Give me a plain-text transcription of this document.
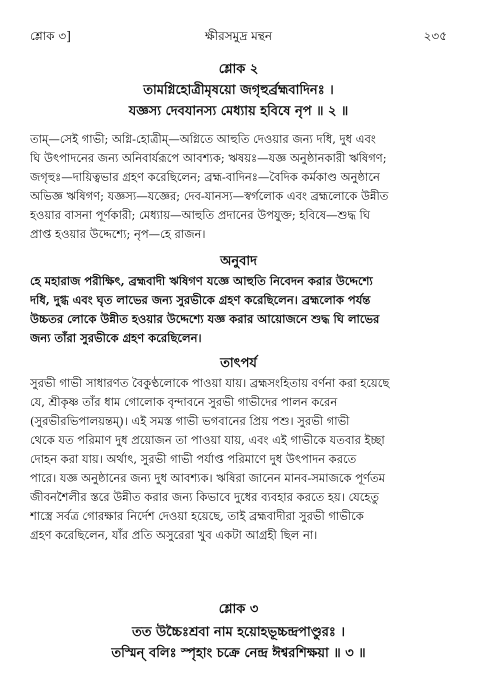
শ্লোক ৩]	ক্ষীরসমুদ্র মন্থন	২৩৫
শ্লোক ২
তামগ্নিহোত্রীমৃষয়ো জগৃহুর্ব্রহ্মবাদিনঃ ।
যজ্ঞস্য দেবযানস্য মেধ্যায় হবিষে নৃপ ॥ ২ ॥
তাম্—সেই গাভী; অগ্নি-হোত্রীম্—অগ্নিতে আহুতি দেওয়ার জন্য দধি, দুধ এবং
ঘি উৎপাদনের জন্য অনিবার্যরূপে আবশ্যক; ঋষয়ঃ—যজ্ঞ অনুষ্ঠানকারী ঋষিগণ;
জগৃহুঃ—দায়িত্বভার গ্রহণ করেছিলেন; ব্রহ্ম-বাদিনঃ—বৈদিক কর্মকাণ্ড অনুষ্ঠানে
অভিজ্ঞ ঋষিগণ; যজ্ঞস্য—যজ্ঞের; দেব-যানস্য—স্বর্গলোক এবং ব্রহ্মলোকে উন্নীত
হওয়ার বাসনা পূর্ণকারী; মেধ্যায়—আহুতি প্রদানের উপযুক্ত; হবিষে—শুদ্ধ ঘি
প্রাপ্ত হওয়ার উদ্দেশ্যে; নৃপ—হে রাজন।
অনুবাদ
হে মহারাজ পরীক্ষিৎ, ব্রহ্মবাদী ঋষিগণ যজ্ঞে আহুতি নিবেদন করার উদ্দেশ্যে
দধি, দুগ্ধ এবং ঘৃত লাভের জন্য সুরভীকে গ্রহণ করেছিলেন। ব্রহ্মলোক পর্যন্ত
উচ্চতর লোকে উন্নীত হওয়ার উদ্দেশ্যে যজ্ঞ করার আয়োজনে শুদ্ধ ঘি লাভের
জন্য তাঁরা সুরভীকে গ্রহণ করেছিলেন।
তাৎপর্য
সুরভী গাভী সাধারণত বৈকুণ্ঠলোকে পাওয়া যায়। ব্রহ্মসংহিতায় বর্ণনা করা হয়েছে
যে, শ্রীকৃষ্ণ তাঁর ধাম গোলোক বৃন্দাবনে সুরভী গাভীদের পালন করেন
(সুরভীরভিপালয়ন্তম্)। এই সমস্ত গাভী ভগবানের প্রিয় পশু। সুরভী গাভী
থেকে যত পরিমাণ দুধ প্রয়োজন তা পাওয়া যায়, এবং এই গাভীকে যতবার ইচ্ছা
দোহন করা যায়। অর্থাৎ, সুরভী গাভী পর্যাপ্ত পরিমাণে দুধ উৎপাদন করতে
পারে। যজ্ঞ অনুষ্ঠানের জন্য দুধ আবশ্যক। ঋষিরা জানেন মানব-সমাজকে পূর্ণতম
জীবনশৈলীর স্তরে উন্নীত করার জন্য কিভাবে দুধের ব্যবহার করতে হয়। যেহেতু
শাস্ত্রে সর্বত্র গোরক্ষার নির্দেশ দেওয়া হয়েছে, তাই ব্রহ্মবাদীরা সুরভী গাভীকে
গ্রহণ করেছিলেন, যাঁর প্রতি অসুরেরা খুব একটা আগ্রহী ছিল না।
শ্লোক ৩
তত উচ্চৈঃশ্রবা নাম হয়োহভূচ্চন্দ্রপাণ্ডুরঃ ।
তস্মিন্ বলিঃ স্পৃহাং চক্রে নেন্দ্র ঈশ্বরশিক্ষয়া ॥ ৩ ॥
